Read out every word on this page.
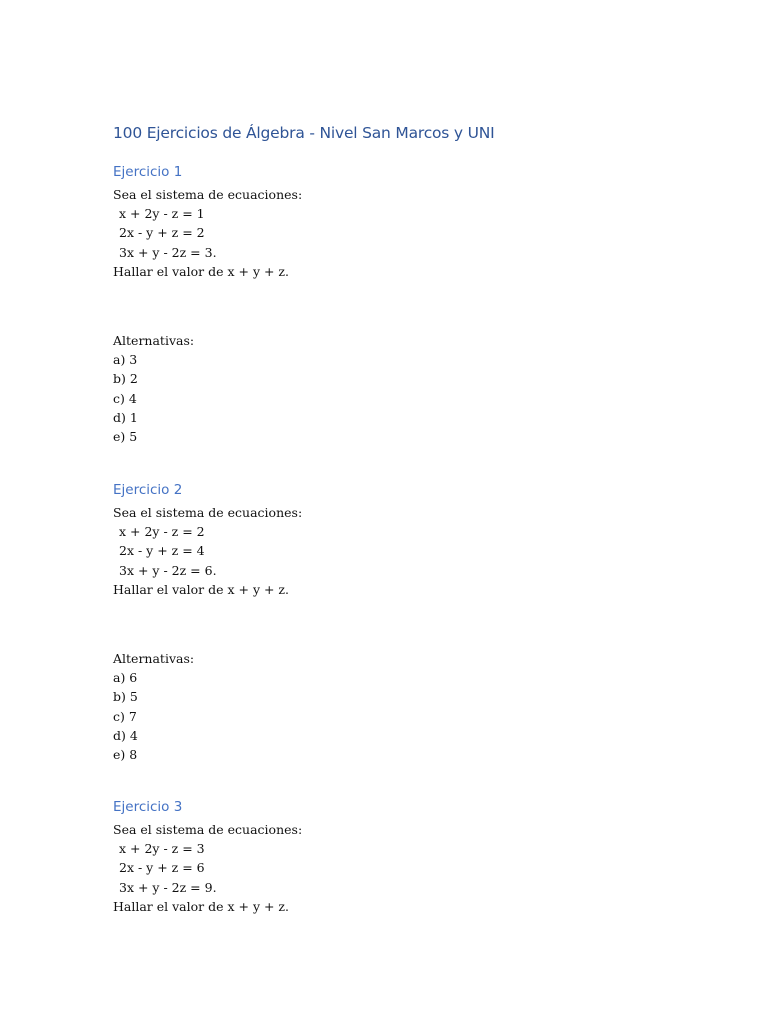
100 Ejercicios de Álgebra - Nivel San Marcos y UNI
Ejercicio 1
Sea el sistema de ecuaciones:
x + 2y - z = 1
2x - y + z = 2
3x + y - 2z = 3.
Hallar el valor de x + y + z.
Alternativas:
a) 3
b) 2
c) 4
d) 1
e) 5
Ejercicio 2
Sea el sistema de ecuaciones:
x + 2y - z = 2
2x - y + z = 4
3x + y - 2z = 6.
Hallar el valor de x + y + z.
Alternativas:
a) 6
b) 5
c) 7
d) 4
e) 8
Ejercicio 3
Sea el sistema de ecuaciones:
x + 2y - z = 3
2x - y + z = 6
3x + y - 2z = 9.
Hallar el valor de x + y + z.
